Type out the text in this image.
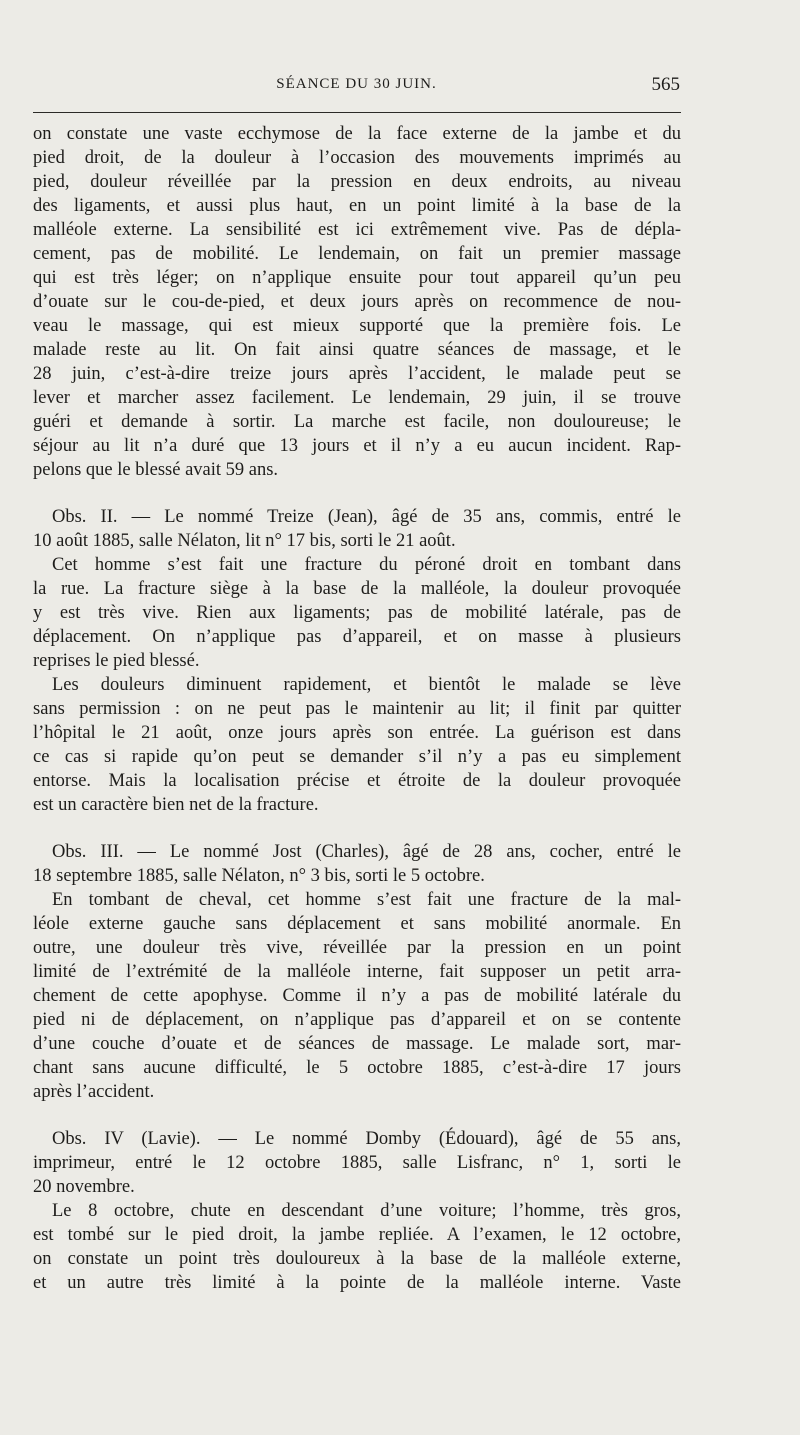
SÉANCE DU 30 JUIN.	565
on constate une vaste ecchymose de la face externe de la jambe et du
pied droit, de la douleur à l’occasion des mouvements imprimés au
pied, douleur réveillée par la pression en deux endroits, au niveau
des ligaments, et aussi plus haut, en un point limité à la base de la
malléole externe. La sensibilité est ici extrêmement vive. Pas de dépla-
cement, pas de mobilité. Le lendemain, on fait un premier massage
qui est très léger; on n’applique ensuite pour tout appareil qu’un peu
d’ouate sur le cou-de-pied, et deux jours après on recommence de nou-
veau le massage, qui est mieux supporté que la première fois. Le
malade reste au lit. On fait ainsi quatre séances de massage, et le
28 juin, c’est-à-dire treize jours après l’accident, le malade peut se
lever et marcher assez facilement. Le lendemain, 29 juin, il se trouve
guéri et demande à sortir. La marche est facile, non douloureuse; le
séjour au lit n’a duré que 13 jours et il n’y a eu aucun incident. Rap-
pelons que le blessé avait 59 ans.
Obs. II. — Le nommé Treize (Jean), âgé de 35 ans, commis, entré le
10 août 1885, salle Nélaton, lit n° 17 bis, sorti le 21 août.
Cet homme s’est fait une fracture du péroné droit en tombant dans
la rue. La fracture siège à la base de la malléole, la douleur provoquée
y est très vive. Rien aux ligaments; pas de mobilité latérale, pas de
déplacement. On n’applique pas d’appareil, et on masse à plusieurs
reprises le pied blessé.
Les douleurs diminuent rapidement, et bientôt le malade se lève
sans permission : on ne peut pas le maintenir au lit; il finit par quitter
l’hôpital le 21 août, onze jours après son entrée. La guérison est dans
ce cas si rapide qu’on peut se demander s’il n’y a pas eu simplement
entorse. Mais la localisation précise et étroite de la douleur provoquée
est un caractère bien net de la fracture.
Obs. III. — Le nommé Jost (Charles), âgé de 28 ans, cocher, entré le
18 septembre 1885, salle Nélaton, n° 3 bis, sorti le 5 octobre.
En tombant de cheval, cet homme s’est fait une fracture de la mal-
léole externe gauche sans déplacement et sans mobilité anormale. En
outre, une douleur très vive, réveillée par la pression en un point
limité de l’extrémité de la malléole interne, fait supposer un petit arra-
chement de cette apophyse. Comme il n’y a pas de mobilité latérale du
pied ni de déplacement, on n’applique pas d’appareil et on se contente
d’une couche d’ouate et de séances de massage. Le malade sort, mar-
chant sans aucune difficulté, le 5 octobre 1885, c’est-à-dire 17 jours
après l’accident.
Obs. IV (Lavie). — Le nommé Domby (Édouard), âgé de 55 ans,
imprimeur, entré le 12 octobre 1885, salle Lisfranc, n° 1, sorti le
20 novembre.
Le 8 octobre, chute en descendant d’une voiture; l’homme, très gros,
est tombé sur le pied droit, la jambe repliée. A l’examen, le 12 octobre,
on constate un point très douloureux à la base de la malléole externe,
et un autre très limité à la pointe de la malléole interne. Vaste
